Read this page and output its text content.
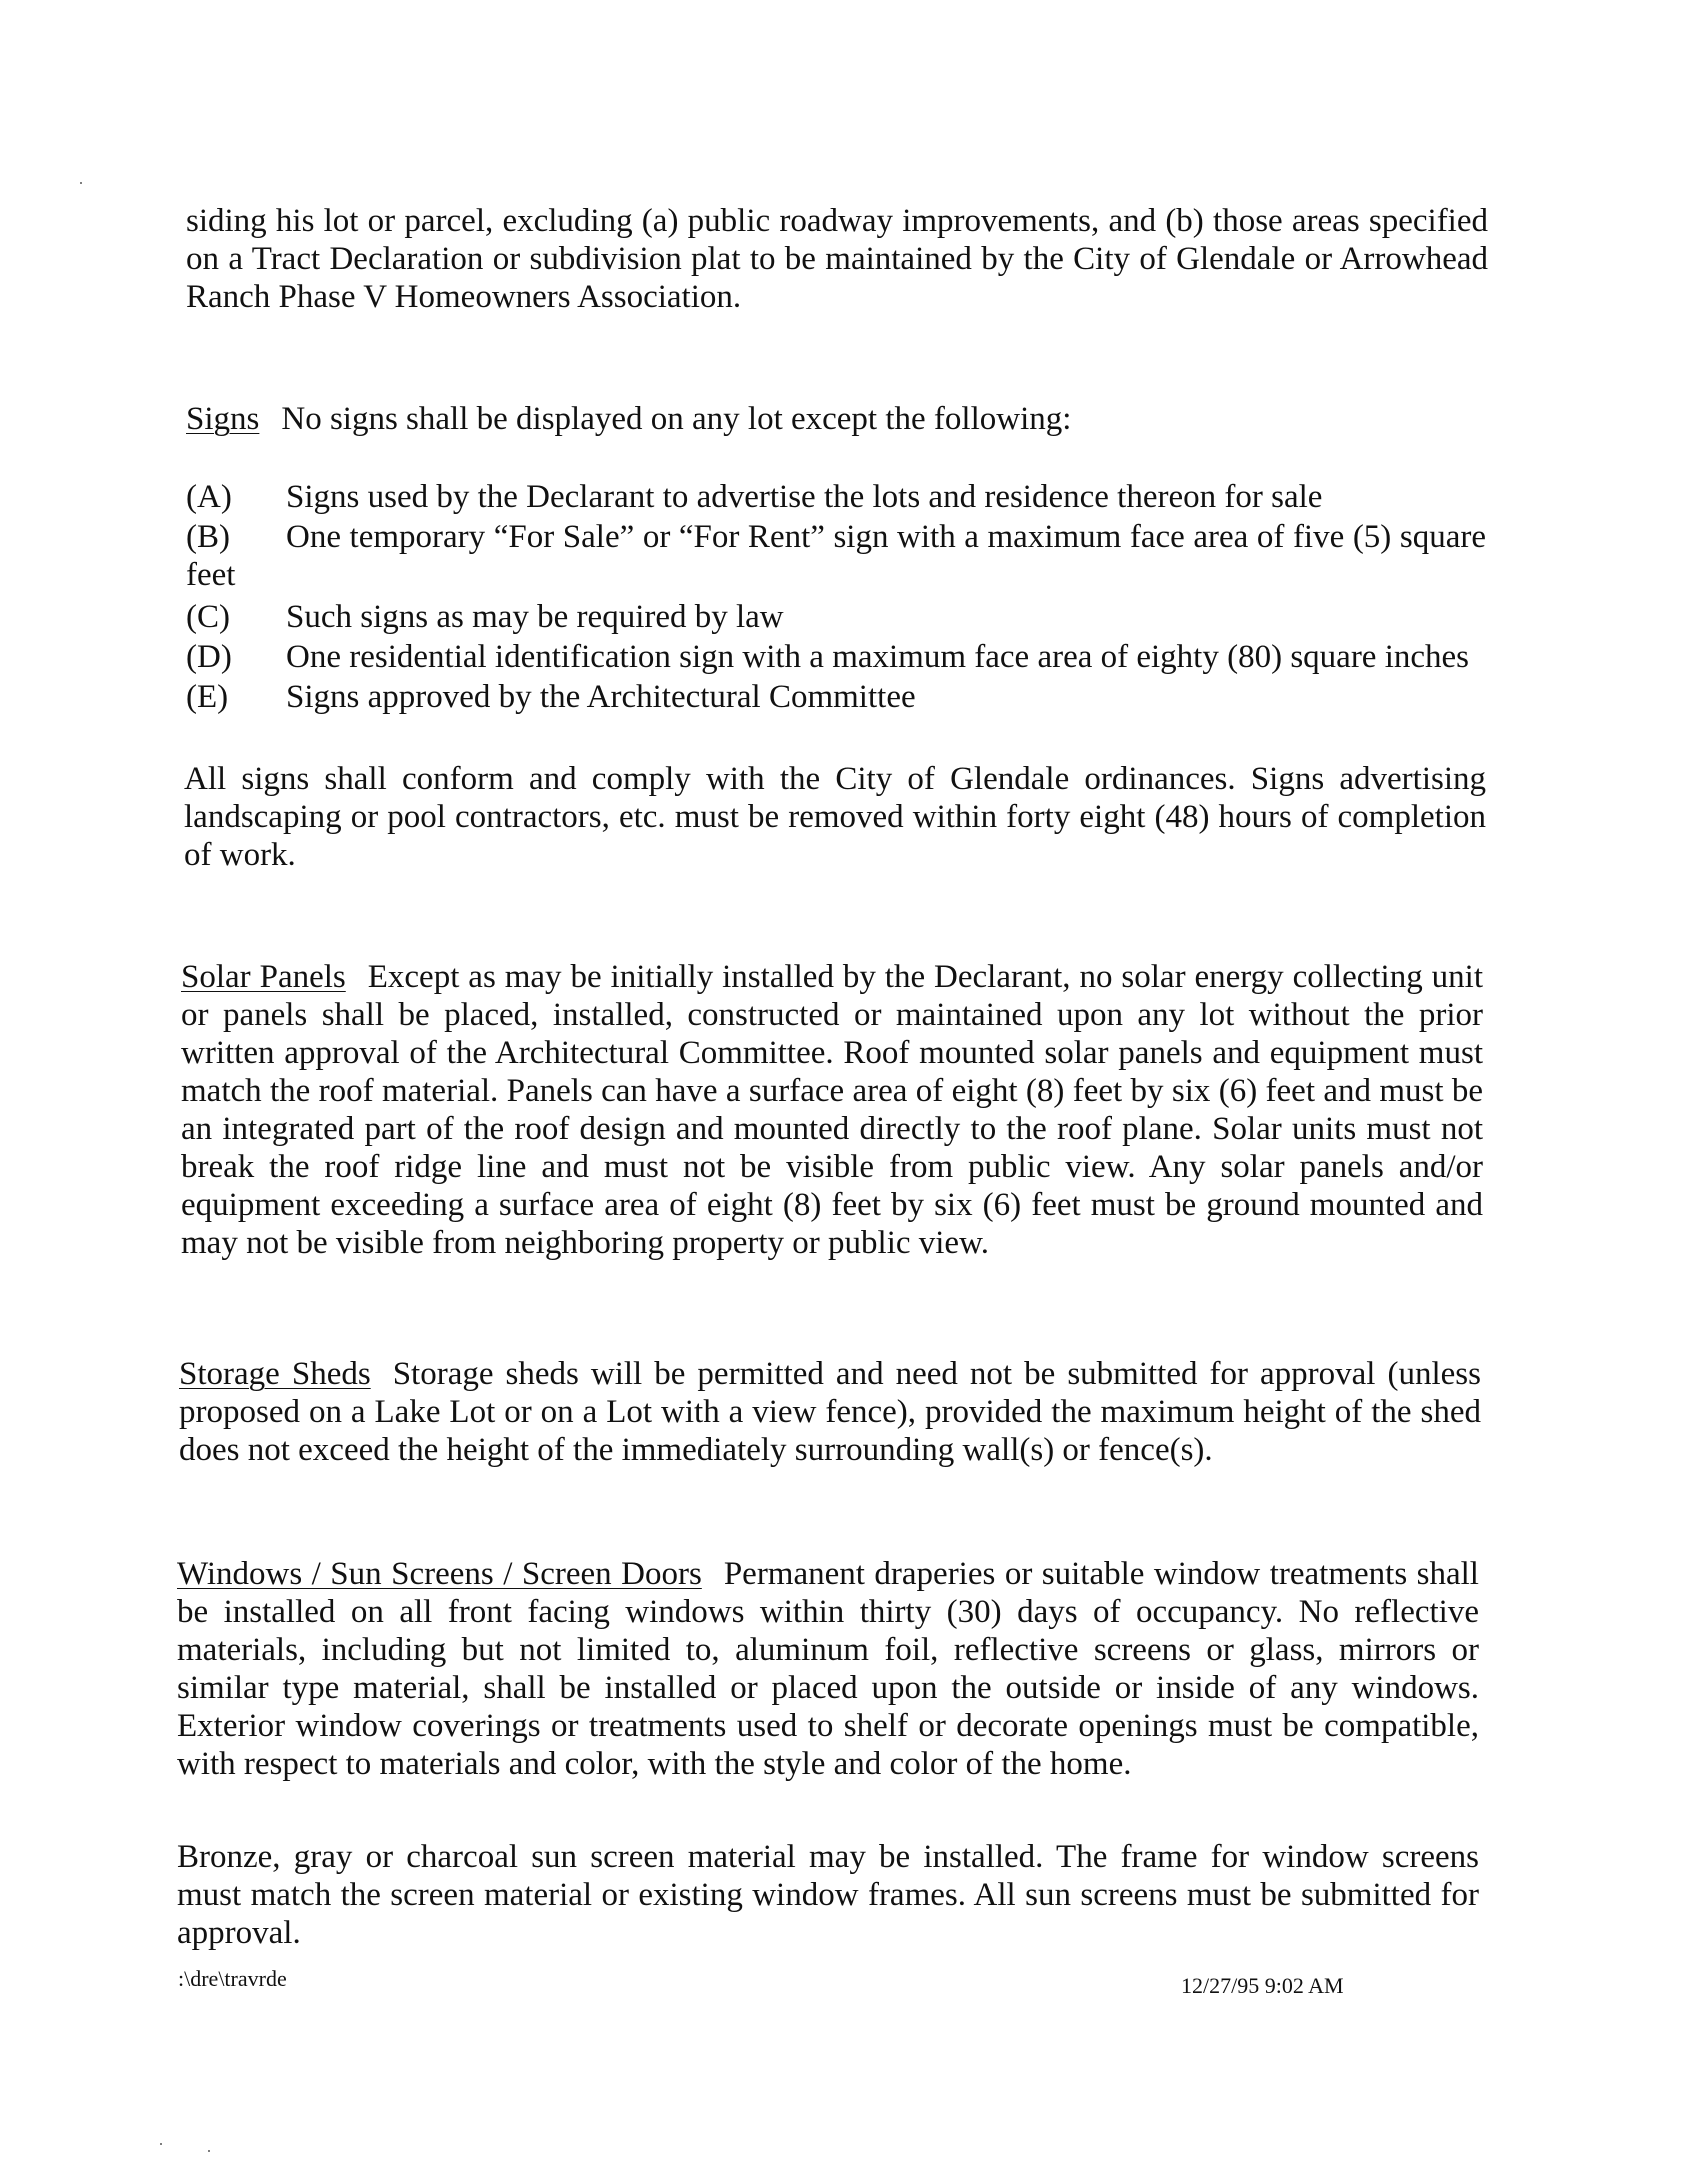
siding his lot or parcel, excluding (a) public roadway improvements, and (b) those areas specified on a Tract Declaration or subdivision plat to be maintained by the City of Glendale or Arrowhead Ranch Phase V Homeowners Association.
Signs No signs shall be displayed on any lot except the following:
(A) Signs used by the Declarant to advertise the lots and residence thereon for sale
(B) One temporary “For Sale” or “For Rent” sign with a maximum face area of five (5) square feet
(C) Such signs as may be required by law
(D) One residential identification sign with a maximum face area of eighty (80) square inches
(E) Signs approved by the Architectural Committee
All signs shall conform and comply with the City of Glendale ordinances. Signs advertising landscaping or pool contractors, etc. must be removed within forty eight (48) hours of completion of work.
Solar Panels Except as may be initially installed by the Declarant, no solar energy collecting unit or panels shall be placed, installed, constructed or maintained upon any lot without the prior written approval of the Architectural Committee. Roof mounted solar panels and equipment must match the roof material. Panels can have a surface area of eight (8) feet by six (6) feet and must be an integrated part of the roof design and mounted directly to the roof plane. Solar units must not break the roof ridge line and must not be visible from public view. Any solar panels and/or equipment exceeding a surface area of eight (8) feet by six (6) feet must be ground mounted and may not be visible from neighboring property or public view.
Storage Sheds Storage sheds will be permitted and need not be submitted for approval (unless proposed on a Lake Lot or on a Lot with a view fence), provided the maximum height of the shed does not exceed the height of the immediately surrounding wall(s) or fence(s).
Windows / Sun Screens / Screen Doors Permanent draperies or suitable window treatments shall be installed on all front facing windows within thirty (30) days of occupancy. No reflective materials, including but not limited to, aluminum foil, reflective screens or glass, mirrors or similar type material, shall be installed or placed upon the outside or inside of any windows. Exterior window coverings or treatments used to shelf or decorate openings must be compatible, with respect to materials and color, with the style and color of the home.
Bronze, gray or charcoal sun screen material may be installed. The frame for window screens must match the screen material or existing window frames. All sun screens must be submitted for approval.
:\dre\travrde	12/27/95 9:02 AM
